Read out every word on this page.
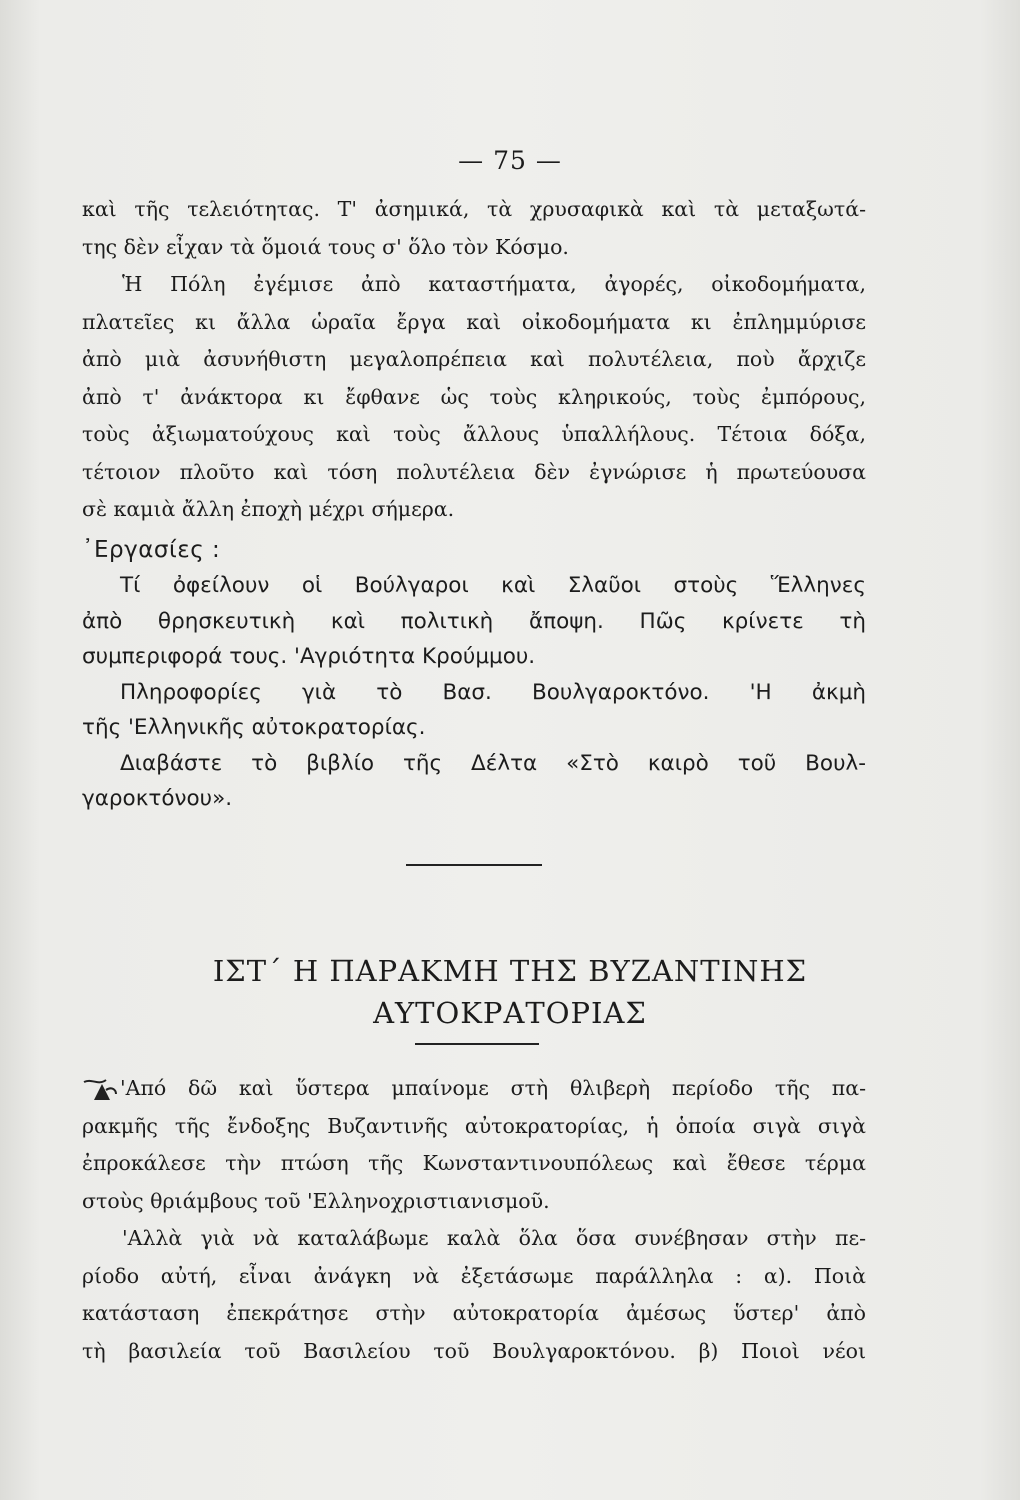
— 75 —
καὶ τῆς τελειότητας. Τ' ἀσημικά, τὰ χρυσαφικὰ καὶ τὰ μεταξωτά-
της δὲν εἶχαν τὰ ὅμοιά τους σ' ὅλο τὸν Κόσμο.
Ἡ Πόλη ἐγέμισε ἀπὸ καταστήματα, ἀγορές, οἰκοδομήματα,
πλατεῖες κι ἄλλα ὡραῖα ἔργα καὶ οἰκοδομήματα κι ἐπλημμύρισε
ἀπὸ μιὰ ἀσυνήθιστη μεγαλοπρέπεια καὶ πολυτέλεια, ποὺ ἄρχιζε
ἀπὸ τ' ἀνάκτορα κι ἔφθανε ὡς τοὺς κληρικούς, τοὺς ἐμπόρους,
τοὺς ἀξιωματούχους καὶ τοὺς ἄλλους ὑπαλλήλους. Τέτοια δόξα,
τέτοιον πλοῦτο καὶ τόση πολυτέλεια δὲν ἐγνώρισε ἡ πρωτεύουσα
σὲ καμιὰ ἄλλη ἐποχὴ μέχρι σήμερα.
᾿Εργασίες :
Τί ὀφείλουν οἱ Βούλγαροι καὶ Σλαῦοι στοὺς Ἕλληνες
ἀπὸ θρησκευτικὴ καὶ πολιτικὴ ἄποψη. Πῶς κρίνετε τὴ
συμπεριφορά τους. 'Αγριότητα Κρούμμου.
Πληροφορίες γιὰ τὸ Βασ. Βουλγαροκτόνο. 'Η ἀκμὴ
τῆς 'Ελληνικῆς αὐτοκρατορίας.
Διαβάστε τὸ βιβλίο τῆς Δέλτα «Στὸ καιρὸ τοῦ Βουλ-
γαροκτόνου».
ΙΣΤ΄ Η ΠΑΡΑΚΜΗ ΤΗΣ ΒΥΖΑΝΤΙΝΗΣ
ΑΥΤΟΚΡΑΤΟΡΙΑΣ
'Από δῶ καὶ ὕστερα μπαίνομε στὴ θλιβερὴ περίοδο τῆς πα-
ρακμῆς τῆς ἔνδοξης Βυζαντινῆς αὐτοκρατορίας, ἡ ὁποία σιγὰ σιγὰ
ἐπροκάλεσε τὴν πτώση τῆς Κωνσταντινουπόλεως καὶ ἔθεσε τέρμα
στοὺς θριάμβους τοῦ 'Ελληνοχριστιανισμοῦ.
'Αλλὰ γιὰ νὰ καταλάβωμε καλὰ ὅλα ὅσα συνέβησαν στὴν πε-
ρίοδο αὐτή, εἶναι ἀνάγκη νὰ ἐξετάσωμε παράλληλα : α). Ποιὰ
κατάσταση ἐπεκράτησε στὴν αὐτοκρατορία ἀμέσως ὕστερ' ἀπὸ
τὴ βασιλεία τοῦ Βασιλείου τοῦ Βουλγαροκτόνου. β) Ποιοὶ νέοι
